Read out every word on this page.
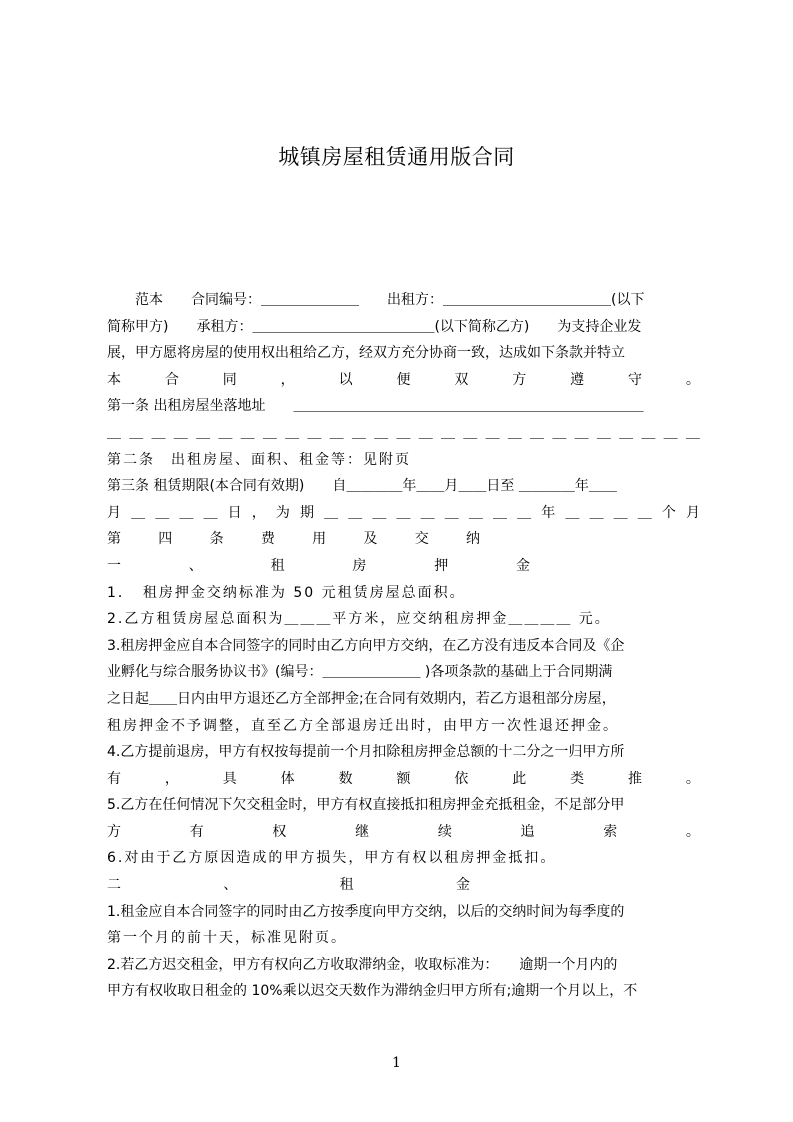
城镇房屋租赁通用版合同
　　范本　　合同编号：＿＿＿＿＿＿＿　　出租方：＿＿＿＿＿＿＿＿＿＿＿＿(以下
简称甲方)　　承租方：＿＿＿＿＿＿＿＿＿＿＿＿＿(以下简称乙方)　　为支持企业发
展，甲方愿将房屋的使用权出租给乙方，经双方充分协商一致，达成如下条款并特立
本	合	同	，	以	便	双	方	遵	守	。
第一条 出租房屋坐落地址　　＿＿＿＿＿＿＿＿＿＿＿＿＿＿＿＿＿＿＿＿＿＿＿＿＿
＿ ＿ ＿ ＿ ＿ ＿ ＿ ＿ ＿ ＿ ＿ ＿ ＿ ＿ ＿ ＿ ＿ ＿ ＿ ＿ ＿ ＿ ＿ ＿ ＿ ＿ ＿
第二条　出租房屋、面积、租金等：见附页
第三条 租赁期限(本合同有效期)　　自＿＿＿＿年＿＿月＿＿日至 ＿＿＿＿年＿＿
月 ＿ ＿ ＿ ＿ 日 ， 为 期 ＿ ＿ ＿ ＿ ＿ ＿ ＿ ＿ ＿ 年 ＿ ＿ ＿ ＿ 个 月
第	四	条	费	用	及	交	纳
一	、	租	房	押	金
1．　租房押金交纳标准为 50 元租赁房屋总面积。
2.乙方租赁房屋总面积为＿＿＿平方米，应交纳租房押金＿＿＿＿ 元。
3.租房押金应自本合同签字的同时由乙方向甲方交纳，在乙方没有违反本合同及《企
业孵化与综合服务协议书》(编号：＿＿＿＿＿＿＿ )各项条款的基础上于合同期满
之日起＿＿日内由甲方退还乙方全部押金;在合同有效期内，若乙方退租部分房屋，
租房押金不予调整，直至乙方全部退房迁出时，由甲方一次性退还押金。
4.乙方提前退房，甲方有权按每提前一个月扣除租房押金总额的十二分之一归甲方所
有	，	具	体	数	额	依	此	类	推	。
5.乙方在任何情况下欠交租金时，甲方有权直接抵扣租房押金充抵租金，不足部分甲
方	有	权	继	续	追	索	。
6.对由于乙方原因造成的甲方损失，甲方有权以租房押金抵扣。
二	、	租	金
1.租金应自本合同签字的同时由乙方按季度向甲方交纳，以后的交纳时间为每季度的
第一个月的前十天，标准见附页。
2.若乙方迟交租金，甲方有权向乙方收取滞纳金，收取标准为：　　逾期一个月内的
甲方有权收取日租金的 10%乘以迟交天数作为滞纳金归甲方所有;逾期一个月以上，不
1
